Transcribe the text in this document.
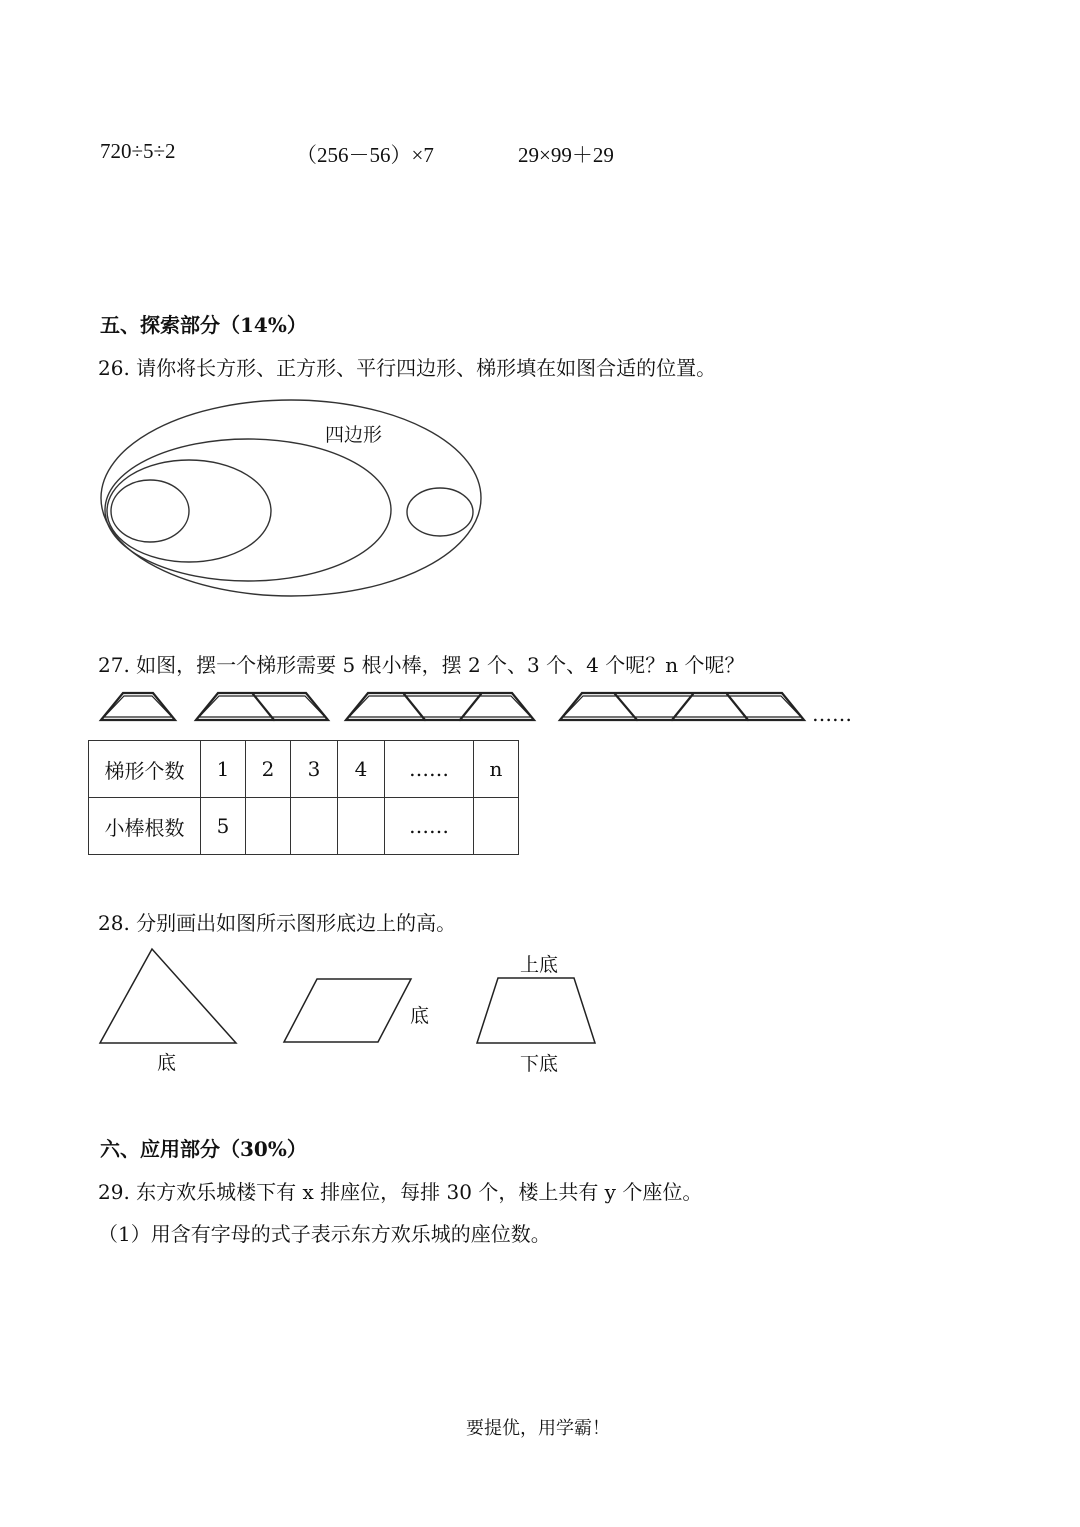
720÷5÷2	（256－56）×7	29×99＋29
五、探索部分（14%）
26. 请你将长方形、正方形、平行四边形、梯形填在如图合适的位置。
四边形
27. 如图，摆一个梯形需要 5 根小棒，摆 2 个、3 个、4 个呢？n 个呢？
……
梯形个数	1	2	3	4	……	n
小棒根数	5				……	
28. 分别画出如图所示图形底边上的高。
底
底
上底
下底
六、应用部分（30%）
29. 东方欢乐城楼下有 x 排座位，每排 30 个，楼上共有 y 个座位。
（1）用含有字母的式子表示东方欢乐城的座位数。
要提优，用学霸！
